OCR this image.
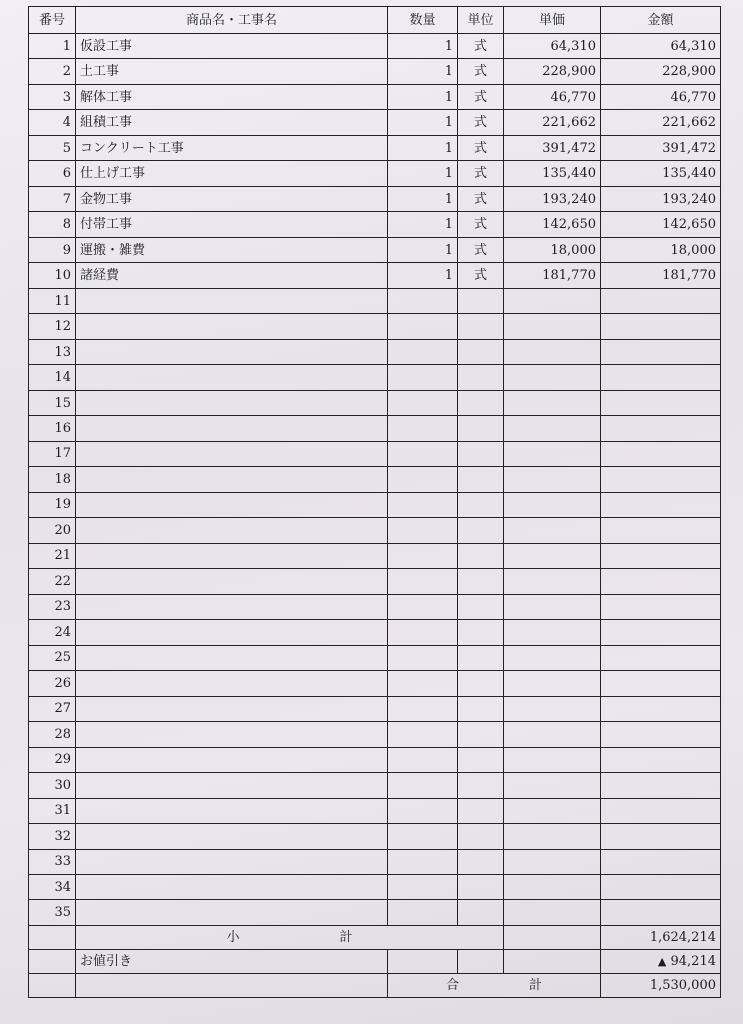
番号	商品名・工事名	数量	単位	単価	金額
1	仮設工事	1	式	64,310	64,310
2	土工事	1	式	228,900	228,900
3	解体工事	1	式	46,770	46,770
4	組積工事	1	式	221,662	221,662
5	コンクリート工事	1	式	391,472	391,472
6	仕上げ工事	1	式	135,440	135,440
7	金物工事	1	式	193,240	193,240
8	付帯工事	1	式	142,650	142,650
9	運搬・雑費	1	式	18,000	18,000
10	諸経費	1	式	181,770	181,770
11					
12					
13					
14					
15					
16					
17					
18					
19					
20					
21					
22					
23					
24					
25					
26					
27					
28					
29					
30					
31					
32					
33					
34					
35					
	小 計				1,624,214
	お値引き				▲ 94,214
		合 計			1,530,000
